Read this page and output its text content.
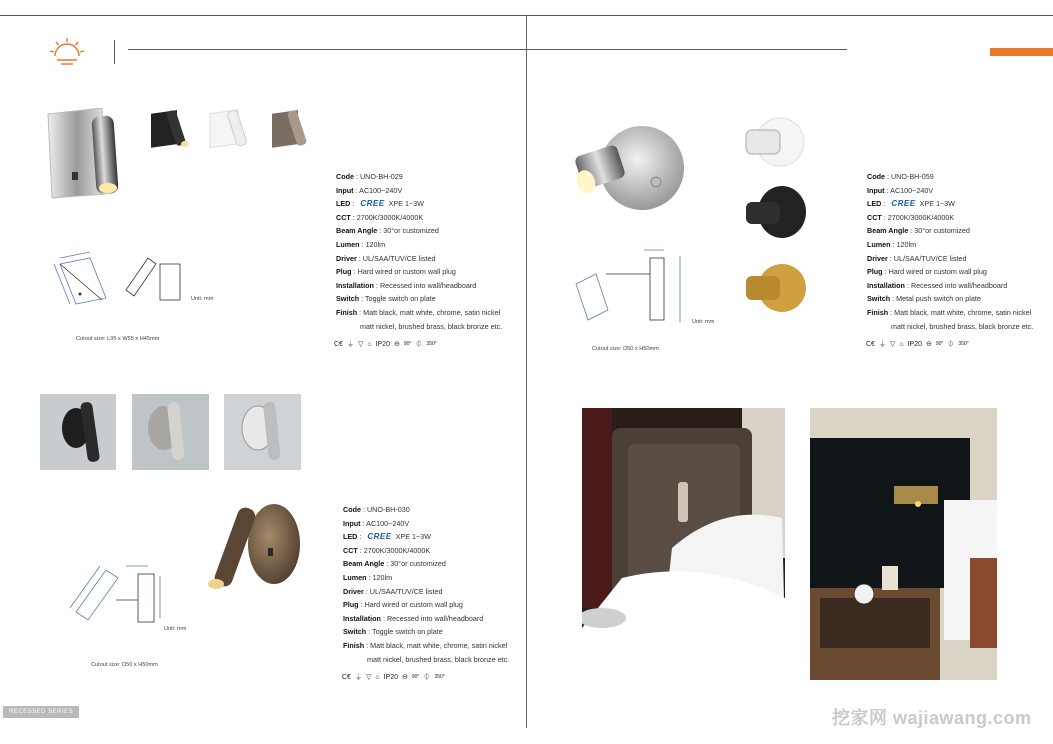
Unit: mm
Cutout size: L95 x W55 x H45mm
Code : UNO-BH-029
Input : AC100~240V
LED : CREE XPE 1~3W
CCT : 2700K/3000K/4000K
Beam Angle : 30°or customized
Lumen : 120lm
Driver : UL/SAA/TUV/CE listed
Plug : Hard wired or custom wall plug
Installation : Recessed into wall/headboard
Switch : Toggle switch on plate
Finish : Matt black, matt white, chrome, satin nickel
matt nickel, brushed brass, black bronze etc.
C€ ⏚ ▽ ⌂ IP20 ⊖ 90° ⏀ 350°
Unit: mm
Cutout size: D50 x H50mm
Code : UNO-BH-030
Input : AC100~240V
LED : CREE XPE 1~3W
CCT : 2700K/3000K/4000K
Beam Angle : 30°or customized
Lumen : 120lm
Driver : UL/SAA/TUV/CE listed
Plug : Hard wired or custom wall plug
Installation : Recessed into wall/headboard
Switch : Toggle switch on plate
Finish : Matt black, matt white, chrome, satin nickel
matt nickel, brushed brass, black bronze etc.
C€ ⏚ ▽ ⌂ IP20 ⊖ 90° ⏀ 350°
Unit: mm
Cutout size: D50 x H50mm
Code : UNO-BH-059
Input : AC100~240V
LED : CREE XPE 1~3W
CCT : 2700K/3000K/4000K
Beam Angle : 30°or customized
Lumen : 120lm
Driver : UL/SAA/TUV/CE listed
Plug : Hard wired or custom wall plug
Installation : Recessed into wall/headboard
Switch : Metal push switch on plate
Finish : Matt black, matt white, chrome, satin nickel
matt nickel, brushed brass, black bronze etc.
C€ ⏚ ▽ ⌂ IP20 ⊖ 90° ⏀ 350°
RECESSED SERIES	挖家网 wajiawang.com
